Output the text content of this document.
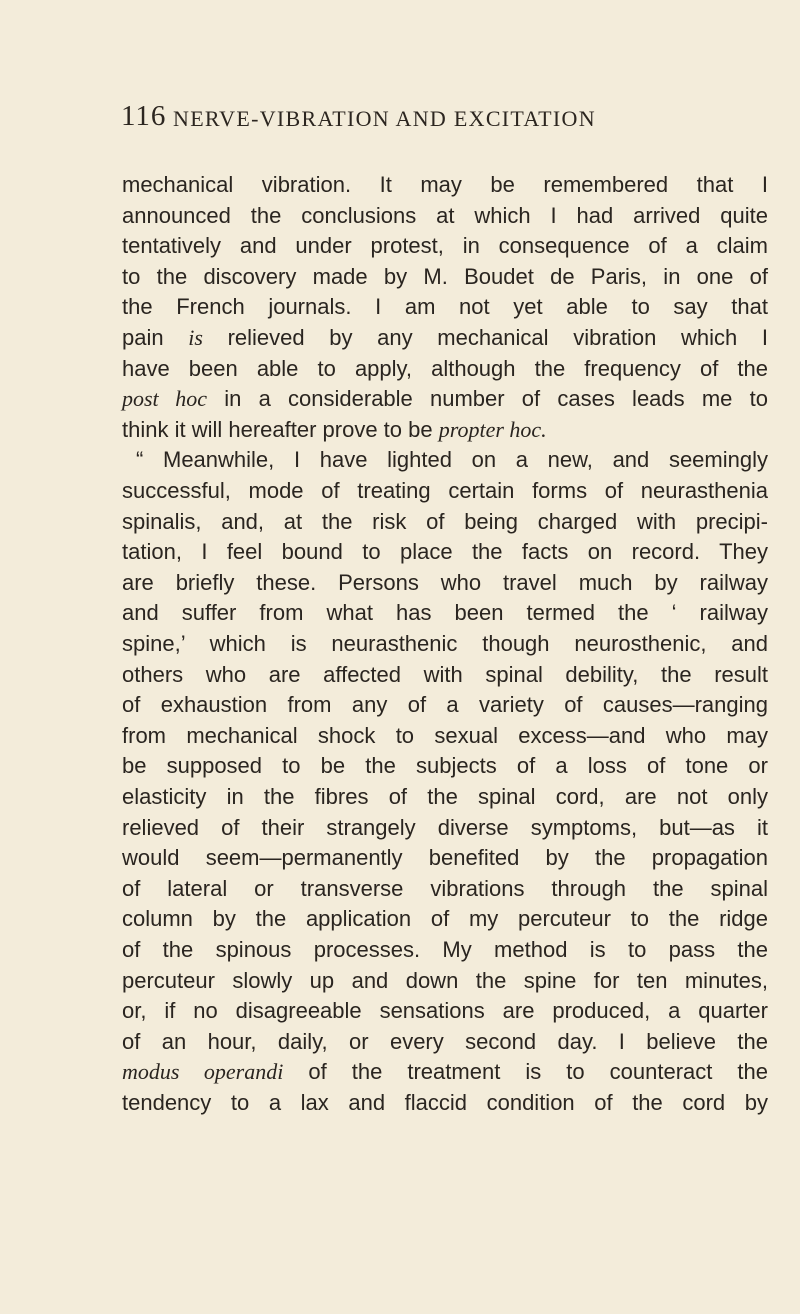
116 NERVE-VIBRATION AND EXCITATION
mechanical vibration. It may be remembered that I
announced the conclusions at which I had arrived quite
tentatively and under protest, in consequence of a claim
to the discovery made by M. Boudet de Paris, in one of
the French journals. I am not yet able to say that
pain is relieved by any mechanical vibration which I
have been able to apply, although the frequency of the
post hoc in a considerable number of cases leads me to
think it will hereafter prove to be propter hoc.
“ Meanwhile, I have lighted on a new, and seemingly
successful, mode of treating certain forms of neurasthenia
spinalis, and, at the risk of being charged with precipi-
tation, I feel bound to place the facts on record. They
are briefly these. Persons who travel much by railway
and suffer from what has been termed the ‘ railway
spine,’ which is neurasthenic though neurosthenic, and
others who are affected with spinal debility, the result
of exhaustion from any of a variety of causes—ranging
from mechanical shock to sexual excess—and who may
be supposed to be the subjects of a loss of tone or
elasticity in the fibres of the spinal cord, are not only
relieved of their strangely diverse symptoms, but—as it
would seem—permanently benefited by the propagation
of lateral or transverse vibrations through the spinal
column by the application of my percuteur to the ridge
of the spinous processes. My method is to pass the
percuteur slowly up and down the spine for ten minutes,
or, if no disagreeable sensations are produced, a quarter
of an hour, daily, or every second day. I believe the
modus operandi of the treatment is to counteract the
tendency to a lax and flaccid condition of the cord by
